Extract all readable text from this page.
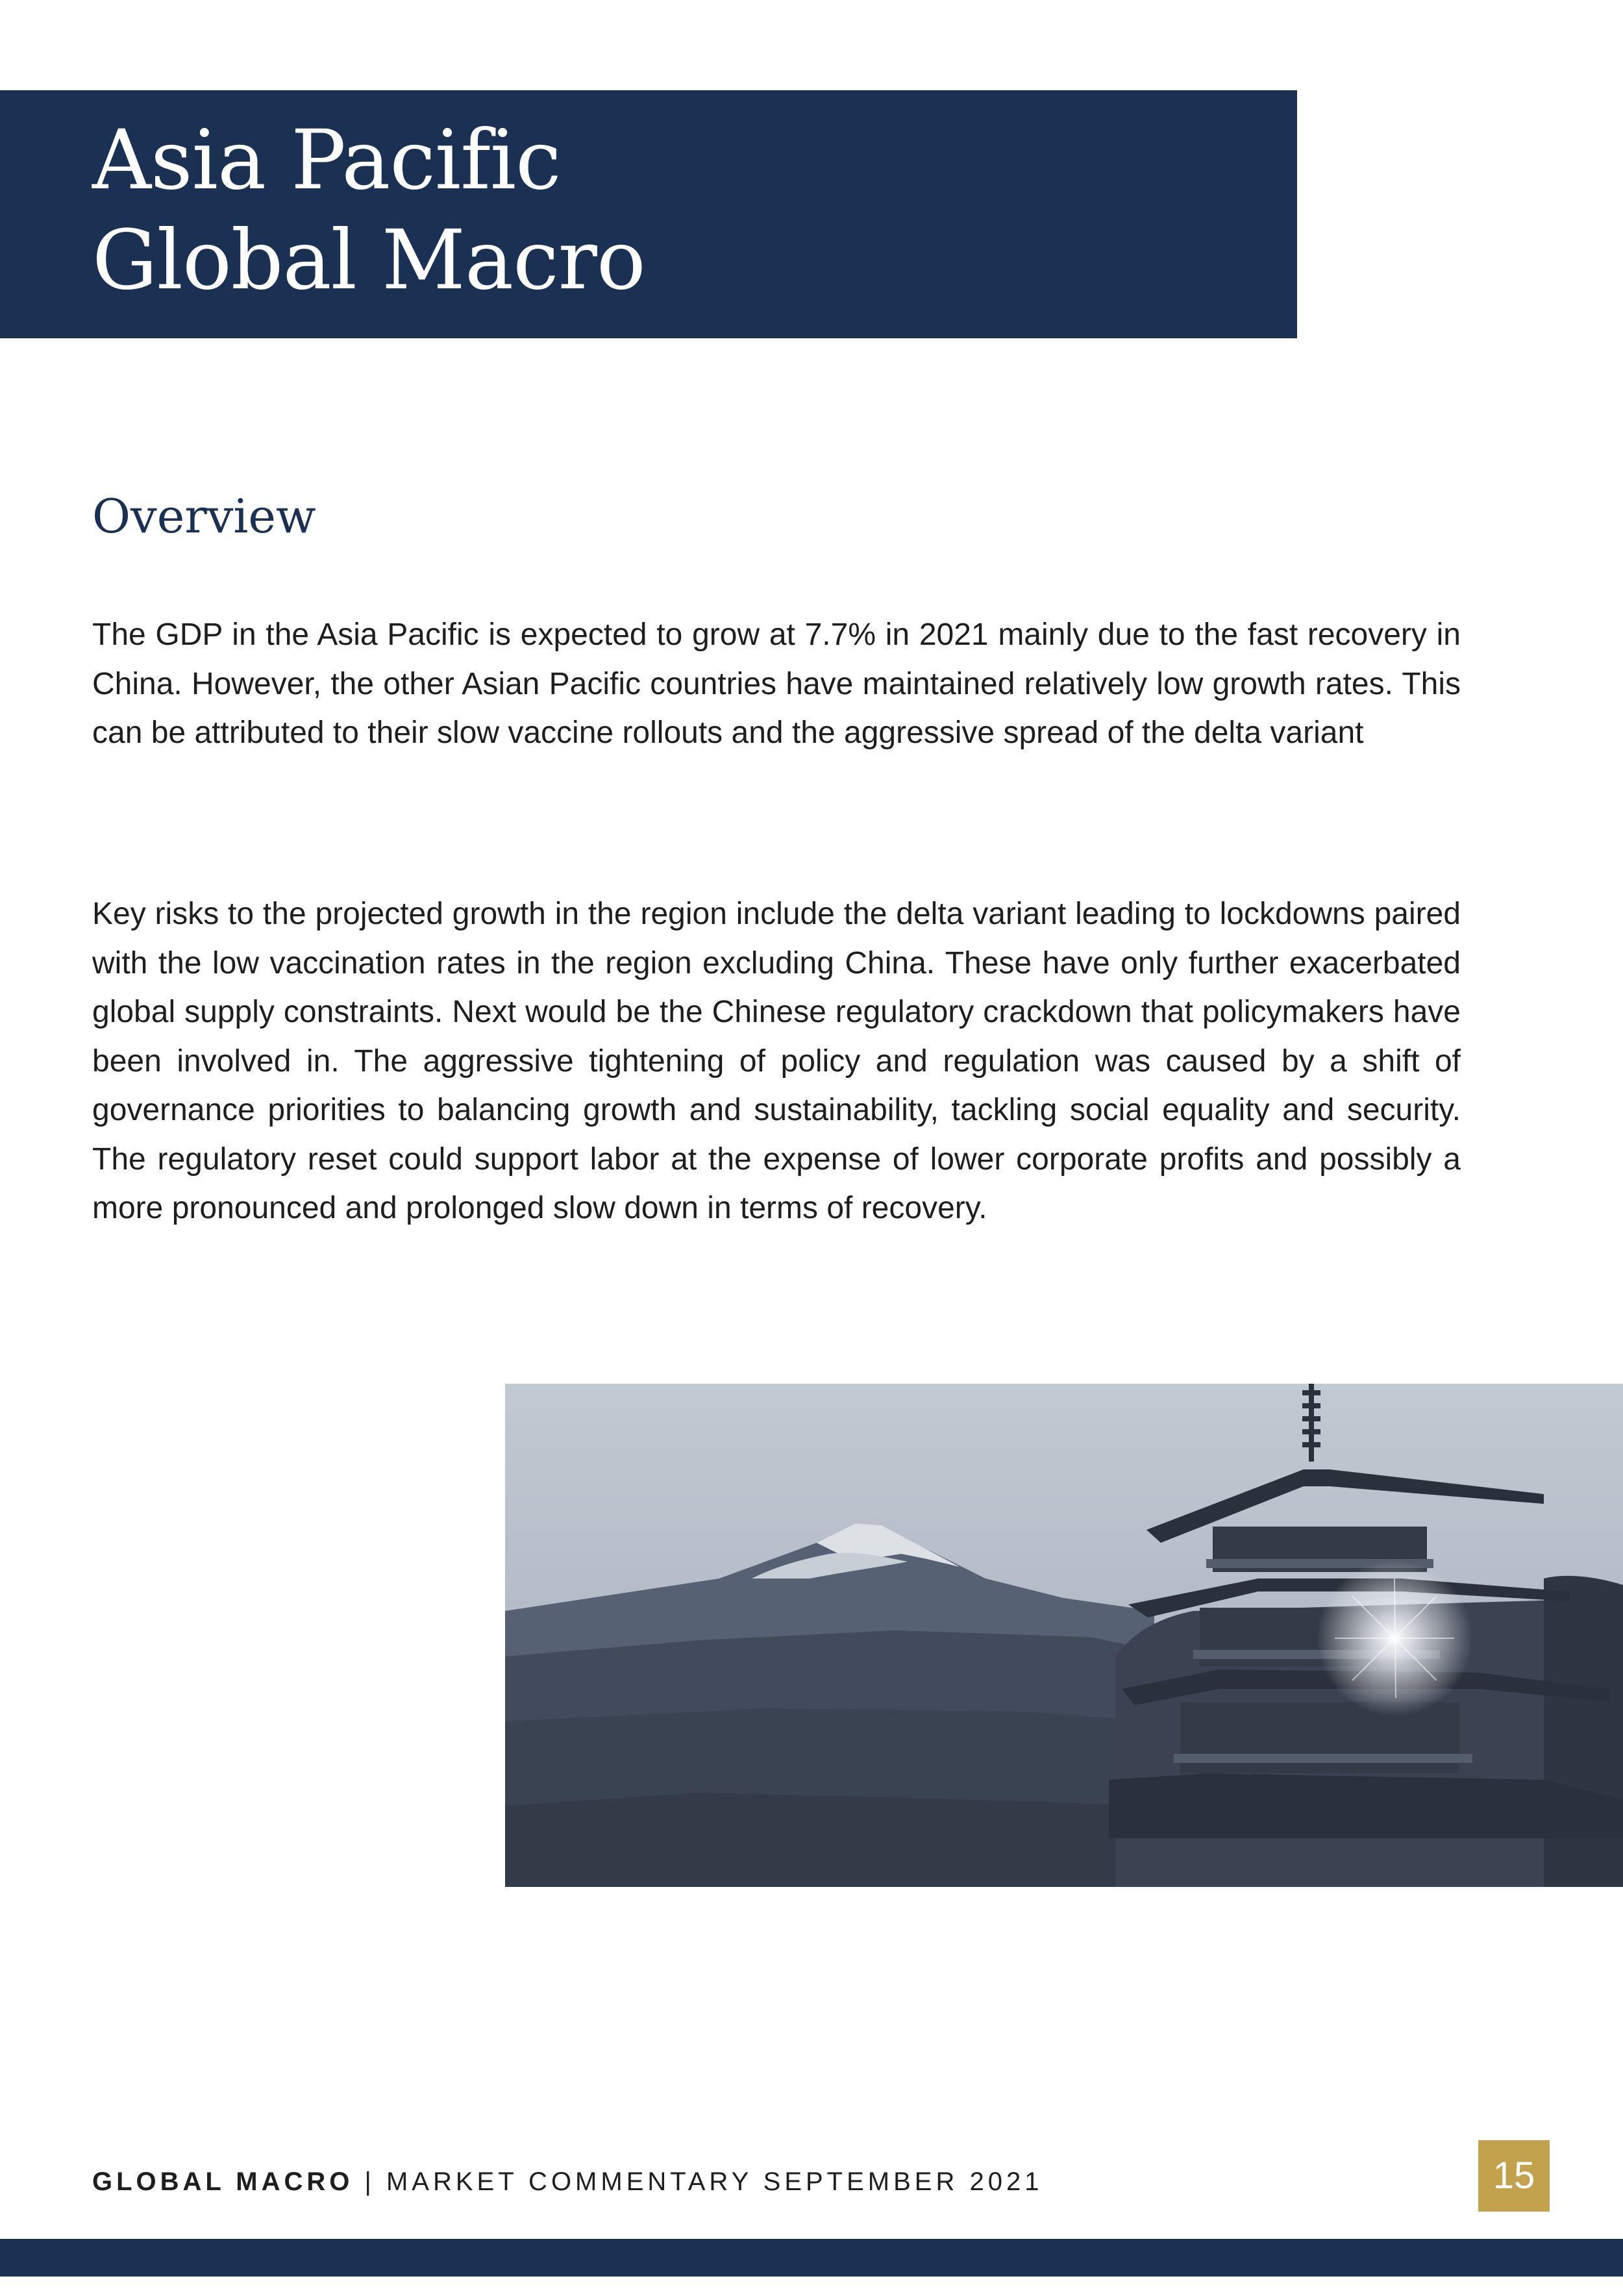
Asia Pacific
Global Macro
Overview

The GDP in the Asia Pacific is expected to grow at 7.7% in 2021 mainly due to the fast recovery in China. However, the other Asian Pacific countries have maintained relatively low growth rates. This can be attributed to their slow vaccine rollouts and the aggressive spread of the delta variant

Key risks to the projected growth in the region include the delta variant leading to lockdowns paired with the low vaccination rates in the region excluding China. These have only further exacerbated global supply constraints. Next would be the Chinese regulatory crackdown that policymakers have been involved in. The aggressive tightening of policy and regulation was caused by a shift of governance priorities to balancing growth and sustainability, tackling social equality and security. The regulatory reset could support labor at the expense of lower corporate profits and possibly a more pronounced and prolonged slow down in terms of recovery.

GLOBAL MACRO | MARKET COMMENTARY SEPTEMBER 2021	15
